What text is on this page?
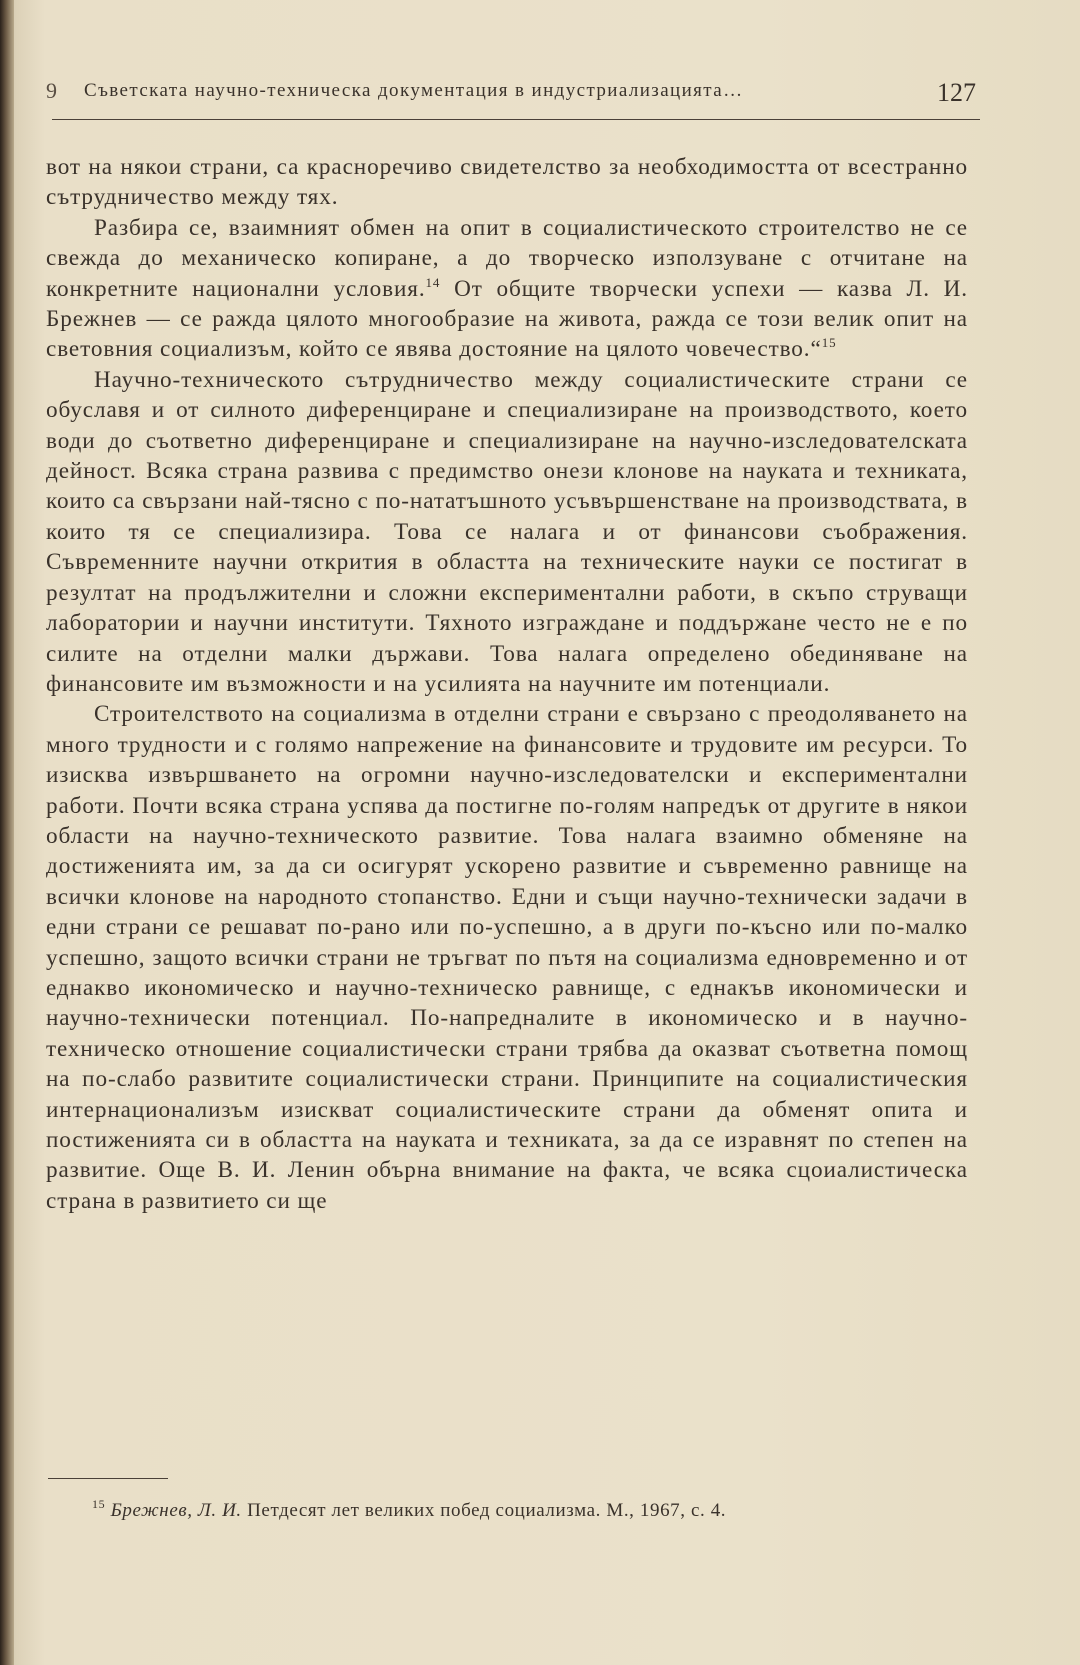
9 Съветската научно-техническа документация в индустриализацията…	127

вот на някои страни, са красноречиво свидетелство за необходимостта от всестранно сътрудничество между тях.

Разбира се, взаимният обмен на опит в социалистическото строителство не се свежда до механическо копиране, а до творческо използуване с отчитане на конкретните национални условия.$^{14}$ От общите творчески успехи — казва Л. И. Брежнев — се ражда цялото многообразие на живота, ражда се този велик опит на световния социализъм, който се явява достояние на цялото човечество.“$^{15}$

Научно-техническото сътрудничество между социалистическите страни се обуславя и от силното диференциране и специализиране на производството, което води до съответно диференциране и специализиране на научно-изследователската дейност. Всяка страна развива с предимство онези клонове на науката и техниката, които са свързани най-тясно с по-нататъшното усъвършенстване на производствата, в които тя се специализира. Това се налага и от финансови съображения. Съвременните научни открития в областта на техническите науки се постигат в резултат на продължителни и сложни експериментални работи, в скъпо струващи лаборатории и научни институти. Тяхното изграждане и поддържане често не е по силите на отделни малки държави. Това налага определено обединяване на финансовите им възможности и на усилията на научните им потенциали.

Строителството на социализма в отделни страни е свързано с преодоляването на много трудности и с голямо напрежение на финансовите и трудовите им ресурси. То изисква извършването на огромни научно-изследователски и експериментални работи. Почти всяка страна успява да постигне по-голям напредък от другите в някои области на научно-техническото развитие. Това налага взаимно обменяне на достиженията им, за да си осигурят ускорено развитие и съвременно равнище на всички клонове на народното стопанство. Едни и същи научно-технически задачи в едни страни се решават по-рано или по-успешно, а в други по-късно или по-малко успешно, защото всички страни не тръгват по пътя на социализма едновременно и от еднакво икономическо и научно-техническо равнище, с еднакъв икономически и научно-технически потенциал. По-напредналите в икономическо и в научно-техническо отношение социалистически страни трябва да оказват съответна помощ на по-слабо развитите социалистически страни. Принципите на социалистическия интернационализъм изискват социалистическите страни да обменят опита и постиженията си в областта на науката и техниката, за да се изравнят по степен на развитие. Още В. И. Ленин обърна внимание на факта, че всяка сцоиалистическа страна в развитието си ще

$^{15}$ Брежнев, Л. И. Петдесят лет великих побед социализма. М., 1967, с. 4.
